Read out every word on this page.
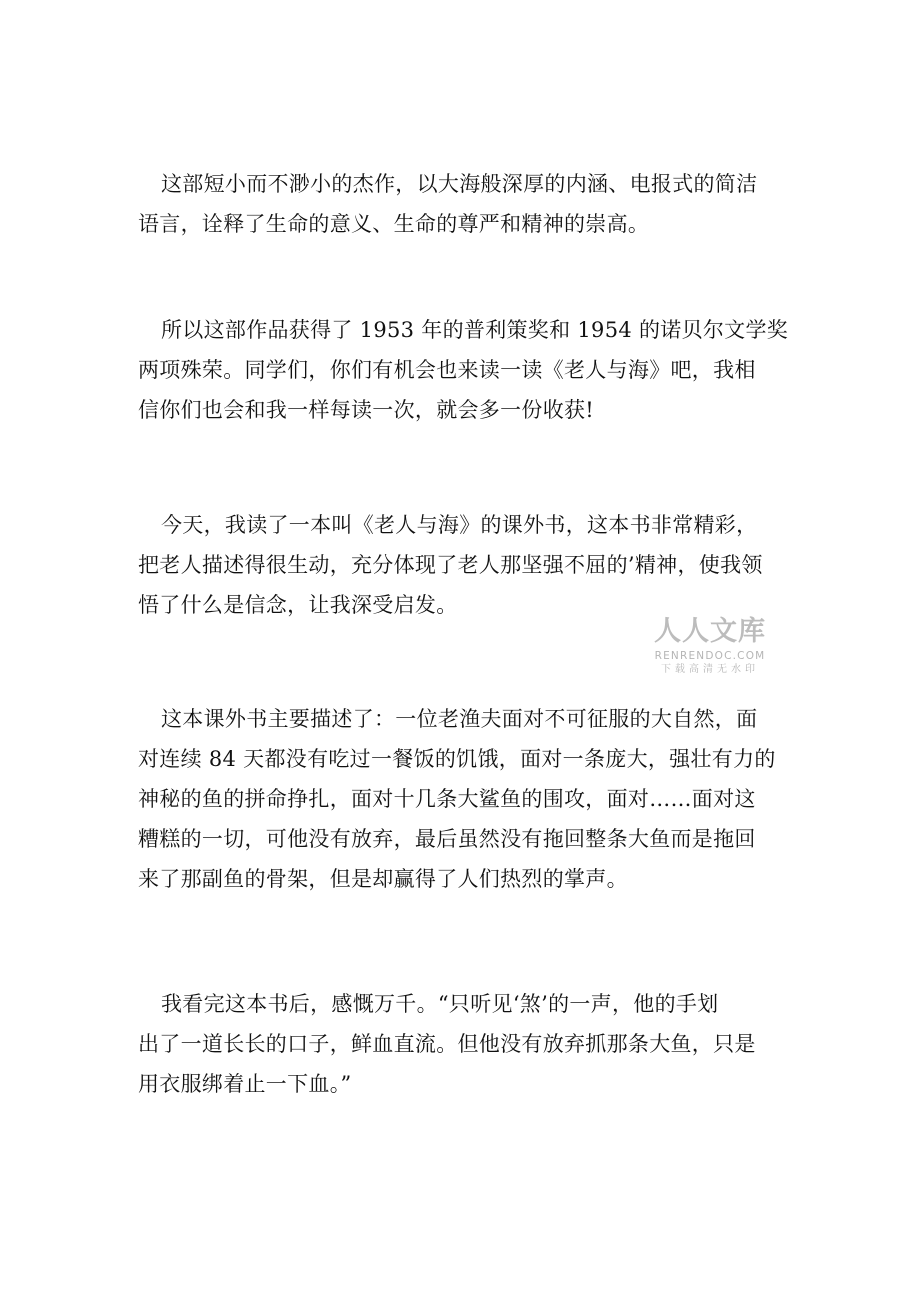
这部短小而不渺小的杰作，以大海般深厚的内涵、电报式的简洁
语言，诠释了生命的意义、生命的尊严和精神的崇高。

所以这部作品获得了 1953 年的普利策奖和 1954 的诺贝尔文学奖
两项殊荣。同学们，你们有机会也来读一读《老人与海》吧，我相
信你们也会和我一样每读一次，就会多一份收获!

今天，我读了一本叫《老人与海》的课外书，这本书非常精彩，
把老人描述得很生动，充分体现了老人那坚强不屈的’精神，使我领
悟了什么是信念，让我深受启发。

人人文库
RENRENDOC.COM
下载高清无水印

这本课外书主要描述了：一位老渔夫面对不可征服的大自然，面
对连续 84 天都没有吃过一餐饭的饥饿，面对一条庞大，强壮有力的
神秘的鱼的拼命挣扎，面对十几条大鲨鱼的围攻，面对……面对这
糟糕的一切，可他没有放弃，最后虽然没有拖回整条大鱼而是拖回
来了那副鱼的骨架，但是却赢得了人们热烈的掌声。

我看完这本书后，感慨万千。“只听见‘煞’的一声，他的手划
出了一道长长的口子，鲜血直流。但他没有放弃抓那条大鱼，只是
用衣服绑着止一下血。”
